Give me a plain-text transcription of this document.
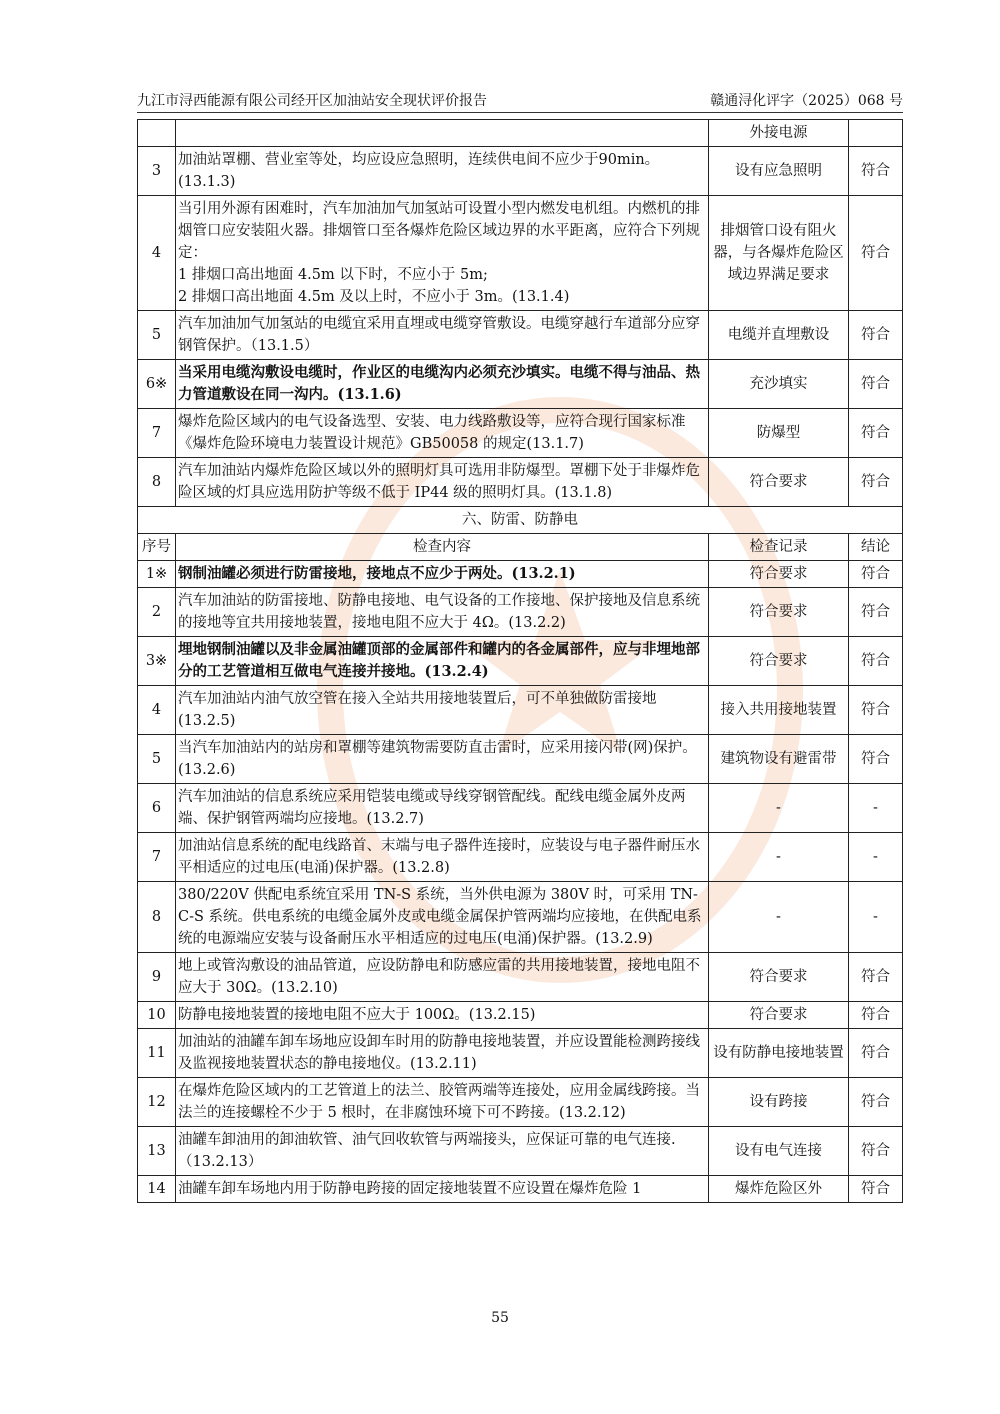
九江市浔西能源有限公司经开区加油站安全现状评价报告	赣通浔化评字（2025）068 号
		外接电源	
3	加油站罩棚、营业室等处，均应设应急照明，连续供电间不应少于90min。(13.1.3)	设有应急照明	符合
4	当引用外源有困难时，汽车加油加气加氢站可设置小型内燃发电机组。内燃机的排烟管口应安装阻火器。排烟管口至各爆炸危险区域边界的水平距离，应符合下列规定：
1 排烟口高出地面 4.5m 以下时，不应小于 5m;
2 排烟口高出地面 4.5m 及以上时，不应小于 3m。(13.1.4)	排烟管口设有阻火器，与各爆炸危险区域边界满足要求	符合
5	汽车加油加气加氢站的电缆宜采用直埋或电缆穿管敷设。电缆穿越行车道部分应穿钢管保护。（13.1.5）	电缆并直埋敷设	符合
6※	当采用电缆沟敷设电缆时，作业区的电缆沟内必须充沙填实。电缆不得与油品、热力管道敷设在同一沟内。(13.1.6)	充沙填实	符合
7	爆炸危险区域内的电气设备选型、安装、电力线路敷设等，应符合现行国家标准《爆炸危险环境电力装置设计规范》GB50058 的规定(13.1.7)	防爆型	符合
8	汽车加油站内爆炸危险区域以外的照明灯具可选用非防爆型。罩棚下处于非爆炸危险区域的灯具应选用防护等级不低于 IP44 级的照明灯具。(13.1.8)	符合要求	符合
六、防雷、防静电			
序号	检查内容	检查记录	结论
1※	钢制油罐必须进行防雷接地，接地点不应少于两处。(13.2.1)	符合要求	符合
2	汽车加油站的防雷接地、防静电接地、电气设备的工作接地、保护接地及信息系统的接地等宜共用接地装置，接地电阻不应大于 4Ω。(13.2.2)	符合要求	符合
3※	埋地钢制油罐以及非金属油罐顶部的金属部件和罐内的各金属部件，应与非埋地部分的工艺管道相互做电气连接并接地。(13.2.4)	符合要求	符合
4	汽车加油站内油气放空管在接入全站共用接地装置后，可不单独做防雷接地(13.2.5)	接入共用接地装置	符合
5	当汽车加油站内的站房和罩棚等建筑物需要防直击雷时，应采用接闪带(网)保护。(13.2.6)	建筑物设有避雷带	符合
6	汽车加油站的信息系统应采用铠装电缆或导线穿钢管配线。配线电缆金属外皮两端、保护钢管两端均应接地。(13.2.7)	-	-
7	加油站信息系统的配电线路首、末端与电子器件连接时，应装设与电子器件耐压水平相适应的过电压(电涌)保护器。(13.2.8)	-	-
8	380/220V 供配电系统宜采用 TN-S 系统，当外供电源为 380V 时，可采用 TN-C-S 系统。供电系统的电缆金属外皮或电缆金属保护管两端均应接地，在供配电系统的电源端应安装与设备耐压水平相适应的过电压(电涌)保护器。(13.2.9)	-	-
9	地上或管沟敷设的油品管道，应设防静电和防感应雷的共用接地装置，接地电阻不应大于 30Ω。(13.2.10)	符合要求	符合
10	防静电接地装置的接地电阻不应大于 100Ω。(13.2.15)	符合要求	符合
11	加油站的油罐车卸车场地应设卸车时用的防静电接地装置，并应设置能检测跨接线及监视接地装置状态的静电接地仪。(13.2.11)	设有防静电接地装置	符合
12	在爆炸危险区域内的工艺管道上的法兰、胶管两端等连接处，应用金属线跨接。当法兰的连接螺栓不少于 5 根时，在非腐蚀环境下可不跨接。(13.2.12)	设有跨接	符合
13	油罐车卸油用的卸油软管、油气回收软管与两端接头，应保证可靠的电气连接.（13.2.13）	设有电气连接	符合
14	油罐车卸车场地内用于防静电跨接的固定接地装置不应设置在爆炸危险 1	爆炸危险区外	符合
55
